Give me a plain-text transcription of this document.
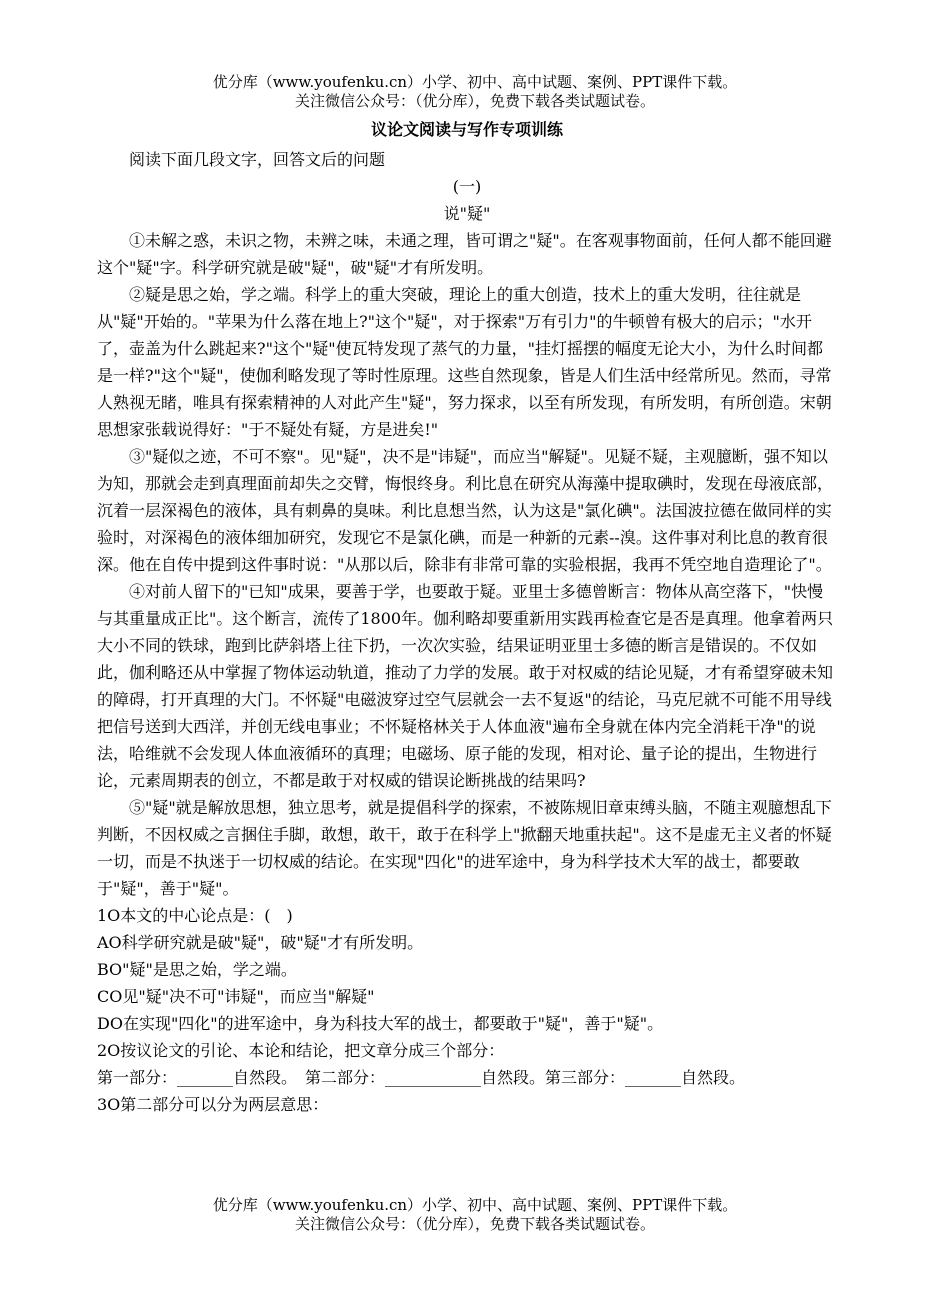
优分库（www.youfenku.cn）小学、初中、高中试题、案例、PPT课件下载。
关注微信公众号：（优分库），免费下载各类试题试卷。

议论文阅读与写作专项训练

阅读下面几段文字，回答文后的问题

(一)

说"疑"

①未解之惑，未识之物，未辨之味，未通之理，皆可谓之"疑"。在客观事物面前，任何人都不能回避这个"疑"字。科学研究就是破"疑"，破"疑"才有所发明。

②疑是思之始，学之端。科学上的重大突破，理论上的重大创造，技术上的重大发明，往往就是从"疑"开始的。"苹果为什么落在地上?"这个"疑"，对于探索"万有引力"的牛顿曾有极大的启示；"水开了，壶盖为什么跳起来?"这个"疑"使瓦特发现了蒸气的力量，"挂灯摇摆的幅度无论大小，为什么时间都是一样?"这个"疑"，使伽利略发现了等时性原理。这些自然现象，皆是人们生活中经常所见。然而，寻常人熟视无睹，唯具有探索精神的人对此产生"疑"，努力探求，以至有所发现，有所发明，有所创造。宋朝思想家张载说得好："于不疑处有疑，方是进矣!"

③"疑似之迹，不可不察"。见"疑"，决不是"讳疑"，而应当"解疑"。见疑不疑，主观臆断，强不知以为知，那就会走到真理面前却失之交臂，悔恨终身。利比息在研究从海藻中提取碘时，发现在母液底部，沉着一层深褐色的液体，具有刺鼻的臭味。利比息想当然，认为这是"氯化碘"。法国波拉德在做同样的实验时，对深褐色的液体细加研究，发现它不是氯化碘，而是一种新的元素--溴。这件事对利比息的教育很深。他在自传中提到这件事时说："从那以后，除非有非常可靠的实验根据，我再不凭空地自造理论了"。

④对前人留下的"已知"成果，要善于学，也要敢于疑。亚里士多德曾断言：物体从高空落下，"快慢与其重量成正比"。这个断言，流传了1800年。伽利略却要重新用实践再检查它是否是真理。他拿着两只大小不同的铁球，跑到比萨斜塔上往下扔，一次次实验，结果证明亚里士多德的断言是错误的。不仅如此，伽利略还从中掌握了物体运动轨道，推动了力学的发展。敢于对权威的结论见疑，才有希望穿破未知的障碍，打开真理的大门。不怀疑"电磁波穿过空气层就会一去不复返"的结论，马克尼就不可能不用导线把信号送到大西洋，并创无线电事业；不怀疑格林关于人体血液"遍布全身就在体内完全消耗干净"的说法，哈维就不会发现人体血液循环的真理；电磁场、原子能的发现，相对论、量子论的提出，生物进行论，元素周期表的创立，不都是敢于对权威的错误论断挑战的结果吗?

⑤"疑"就是解放思想，独立思考，就是提倡科学的探索，不被陈规旧章束缚头脑，不随主观臆想乱下判断，不因权威之言捆住手脚，敢想，敢干，敢于在科学上"掀翻天地重扶起"。这不是虚无主义者的怀疑一切，而是不执迷于一切权威的结论。在实现"四化"的进军途中，身为科学技术大军的战士，都要敢于"疑"，善于"疑"。

1O本文的中心论点是：(　)

AO科学研究就是破"疑"，破"疑"才有所发明。

BO"疑"是思之始，学之端。

CO见"疑"决不可"讳疑"，而应当"解疑"

DO在实现"四化"的进军途中，身为科技大军的战士，都要敢于"疑"，善于"疑"。

2O按议论文的引论、本论和结论，把文章分成三个部分：

第一部分：_______自然段。　第二部分：____________自然段。第三部分：_______自然段。

3O第二部分可以分为两层意思：

优分库（www.youfenku.cn）小学、初中、高中试题、案例、PPT课件下载。
关注微信公众号：（优分库），免费下载各类试题试卷。
